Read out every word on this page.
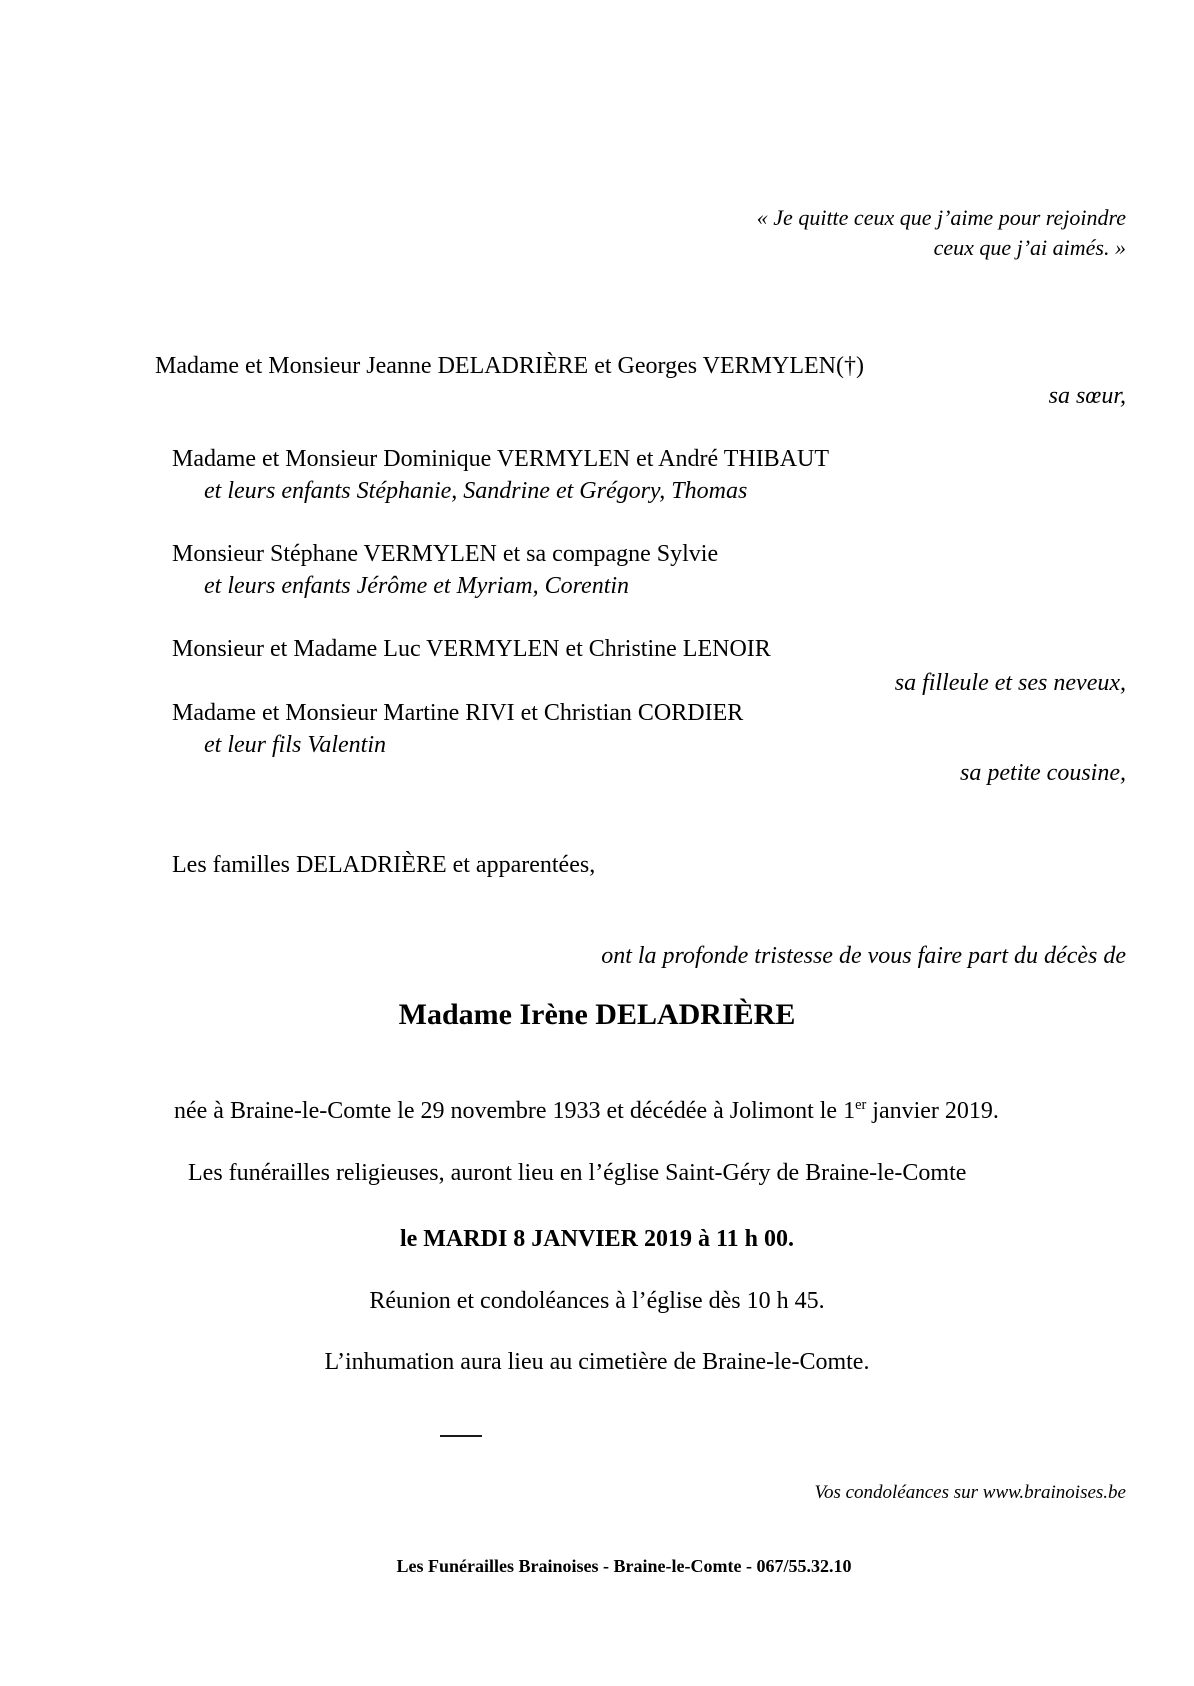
« Je quitte ceux que j’aime pour rejoindre
ceux que j’ai aimés. »
Madame et Monsieur Jeanne DELADRIÈRE et Georges VERMYLEN(†)
sa sœur,
Madame et Monsieur Dominique VERMYLEN et André THIBAUT
et leurs enfants Stéphanie, Sandrine et Grégory, Thomas
Monsieur Stéphane VERMYLEN et sa compagne Sylvie
et leurs enfants Jérôme et Myriam, Corentin
Monsieur et Madame Luc VERMYLEN et Christine LENOIR
sa filleule et ses neveux,
Madame et Monsieur Martine RIVI et Christian CORDIER
et leur fils Valentin
sa petite cousine,
Les familles DELADRIÈRE et apparentées,
ont la profonde tristesse de vous faire part du décès de
Madame Irène DELADRIÈRE
née à Braine-le-Comte le 29 novembre 1933 et décédée à Jolimont le 1er janvier 2019.
Les funérailles religieuses, auront lieu en l’église Saint-Géry de Braine-le-Comte
le MARDI 8 JANVIER 2019 à 11 h 00.
Réunion et condoléances à l’église dès 10 h 45.
L’inhumation aura lieu au cimetière de Braine-le-Comte.
Vos condoléances sur www.brainoises.be
Les Funérailles Brainoises - Braine-le-Comte - 067/55.32.10
